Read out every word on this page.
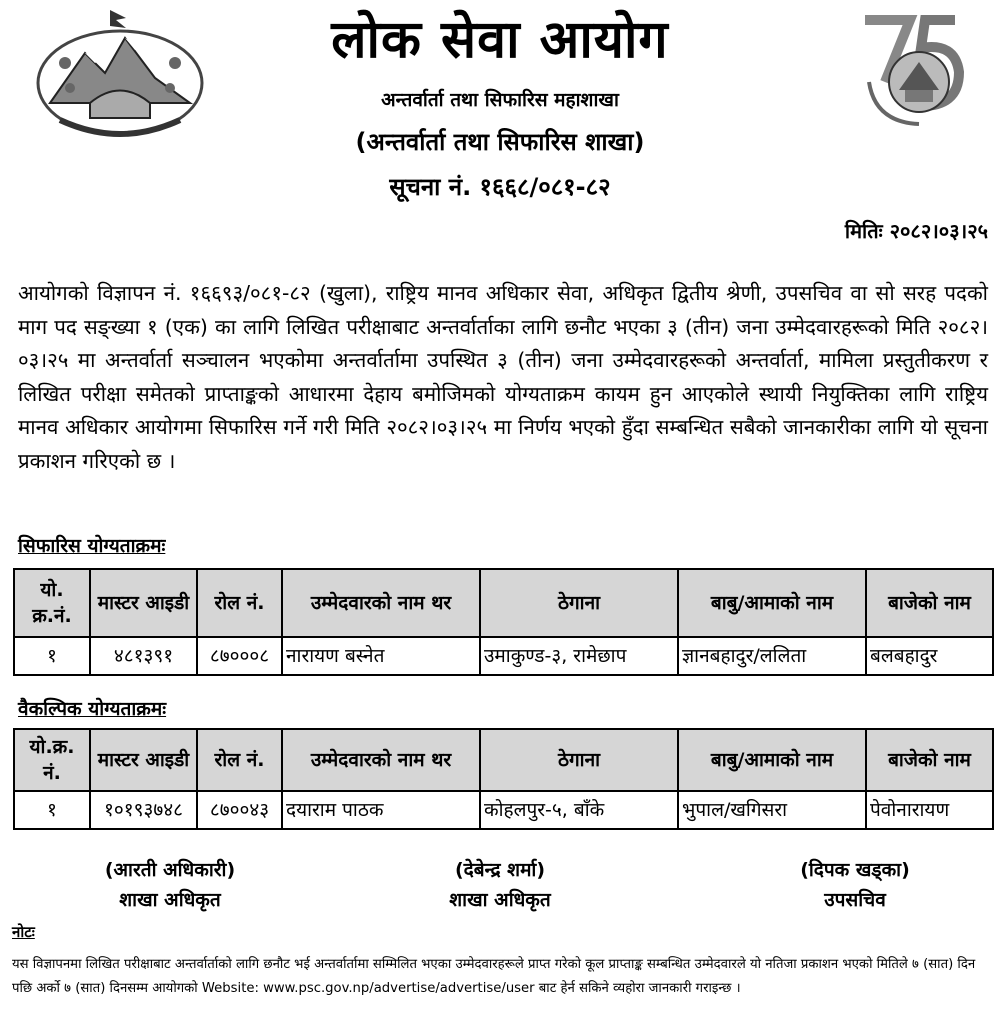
लोक सेवा आयोग
अन्तर्वार्ता तथा सिफारिस महाशाखा
(अन्तर्वार्ता तथा सिफारिस शाखा)
सूचना नं. १६६८/०८१-८२
मितिः २०८२।०३।२५
आयोगको विज्ञापन नं. १६६९३/०८१-८२ (खुला), राष्ट्रिय मानव अधिकार सेवा, अधिकृत द्वितीय श्रेणी, उपसचिव वा सो सरह पदको माग पद सङ्ख्या १ (एक) का लागि लिखित परीक्षाबाट अन्तर्वार्ताका लागि छनौट भएका ३ (तीन) जना उम्मेदवारहरूको मिति २०८२।०३।२५ मा अन्तर्वार्ता सञ्चालन भएकोमा अन्तर्वार्तामा उपस्थित ३ (तीन) जना उम्मेदवारहरूको अन्तर्वार्ता, मामिला प्रस्तुतीकरण र लिखित परीक्षा समेतको प्राप्ताङ्कको आधारमा देहाय बमोजिमको योग्यताक्रम कायम हुन आएकोले स्थायी नियुक्तिका लागि राष्ट्रिय मानव अधिकार आयोगमा सिफारिस गर्ने गरी मिति २०८२।०३।२५ मा निर्णय भएको हुँदा सम्बन्धित सबैको जानकारीका लागि यो सूचना प्रकाशन गरिएको छ ।
सिफारिस योग्यताक्रमः
यो. क्र.नं.	मास्टर आइडी	रोल नं.	उम्मेदवारको नाम थर	ठेगाना	बाबु/आमाको नाम	बाजेको नाम
१	४८१३९१	८७०००८	नारायण बस्नेत	उमाकुण्ड-३, रामेछाप	ज्ञानबहादुर/ललिता	बलबहादुर
वैकल्पिक योग्यताक्रमः
यो.क्र. नं.	मास्टर आइडी	रोल नं.	उम्मेदवारको नाम थर	ठेगाना	बाबु/आमाको नाम	बाजेको नाम
१	१०१९३७४८	८७००४३	दयाराम पाठक	कोहलपुर-५, बाँके	भुपाल/खगिसरा	पेवोनारायण
(आरती अधिकारी)
शाखा अधिकृत
(देबेन्द्र शर्मा)
शाखा अधिकृत
(दिपक खड्का)
उपसचिव
नोटः
यस विज्ञापनमा लिखित परीक्षाबाट अन्तर्वार्ताको लागि छनौट भई अन्तर्वार्तामा सम्मिलित भएका उम्मेदवारहरूले प्राप्त गरेको कूल प्राप्ताङ्क सम्बन्धित उम्मेदवारले यो नतिजा प्रकाशन भएको मितिले ७ (सात) दिन पछि अर्को ७ (सात) दिनसम्म आयोगको Website: www.psc.gov.np/advertise/advertise/user बाट हेर्न सकिने व्यहोरा जानकारी गराइन्छ ।
